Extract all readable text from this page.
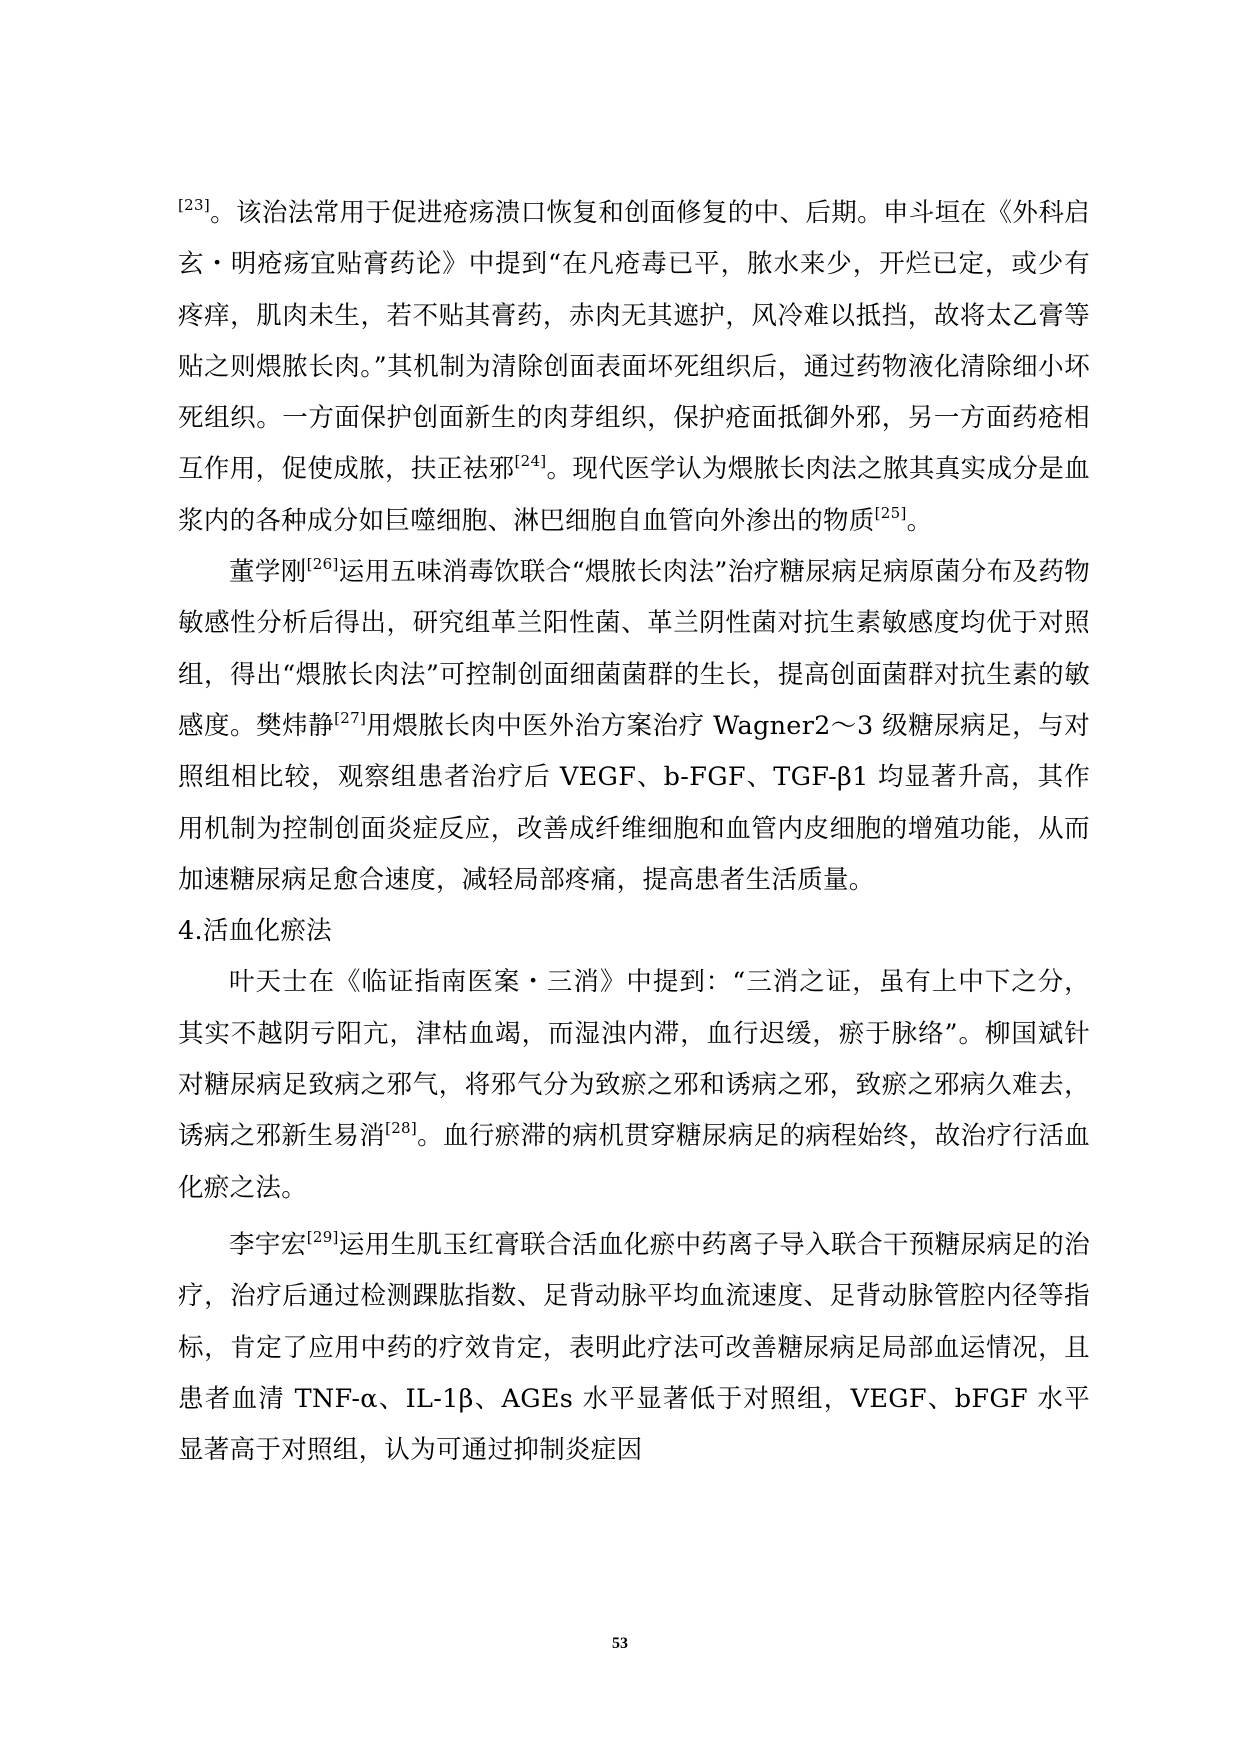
[23]。该治法常用于促进疮疡溃口恢复和创面修复的中、后期。申斗垣在《外科启玄・明疮疡宜贴膏药论》中提到“在凡疮毒已平，脓水来少，开烂已定，或少有疼痒，肌肉未生，若不贴其膏药，赤肉无其遮护，风冷难以抵挡，故将太乙膏等贴之则煨脓长肉。”其机制为清除创面表面坏死组织后，通过药物液化清除细小坏死组织。一方面保护创面新生的肉芽组织，保护疮面抵御外邪，另一方面药疮相互作用，促使成脓，扶正祛邪[24]。现代医学认为煨脓长肉法之脓其真实成分是血浆内的各种成分如巨噬细胞、淋巴细胞自血管向外渗出的物质[25]。

董学刚[26]运用五味消毒饮联合“煨脓长肉法”治疗糖尿病足病原菌分布及药物敏感性分析后得出，研究组革兰阳性菌、革兰阴性菌对抗生素敏感度均优于对照组，得出“煨脓长肉法”可控制创面细菌菌群的生长，提高创面菌群对抗生素的敏感度。樊炜静[27]用煨脓长肉中医外治方案治疗 Wagner2～3 级糖尿病足，与对照组相比较，观察组患者治疗后 VEGF、b-FGF、TGF-β1 均显著升高，其作用机制为控制创面炎症反应，改善成纤维细胞和血管内皮细胞的增殖功能，从而加速糖尿病足愈合速度，减轻局部疼痛，提高患者生活质量。

4.活血化瘀法

叶天士在《临证指南医案・三消》中提到：“三消之证，虽有上中下之分，其实不越阴亏阳亢，津枯血竭，而湿浊内滞，血行迟缓，瘀于脉络”。柳国斌针对糖尿病足致病之邪气，将邪气分为致瘀之邪和诱病之邪，致瘀之邪病久难去，诱病之邪新生易消[28]。血行瘀滞的病机贯穿糖尿病足的病程始终，故治疗行活血化瘀之法。

李宇宏[29]运用生肌玉红膏联合活血化瘀中药离子导入联合干预糖尿病足的治疗，治疗后通过检测踝肱指数、足背动脉平均血流速度、足背动脉管腔内径等指标，肯定了应用中药的疗效肯定，表明此疗法可改善糖尿病足局部血运情况，且患者血清 TNF-α、IL-1β、AGEs 水平显著低于对照组，VEGF、bFGF 水平显著高于对照组，认为可通过抑制炎症因

53
